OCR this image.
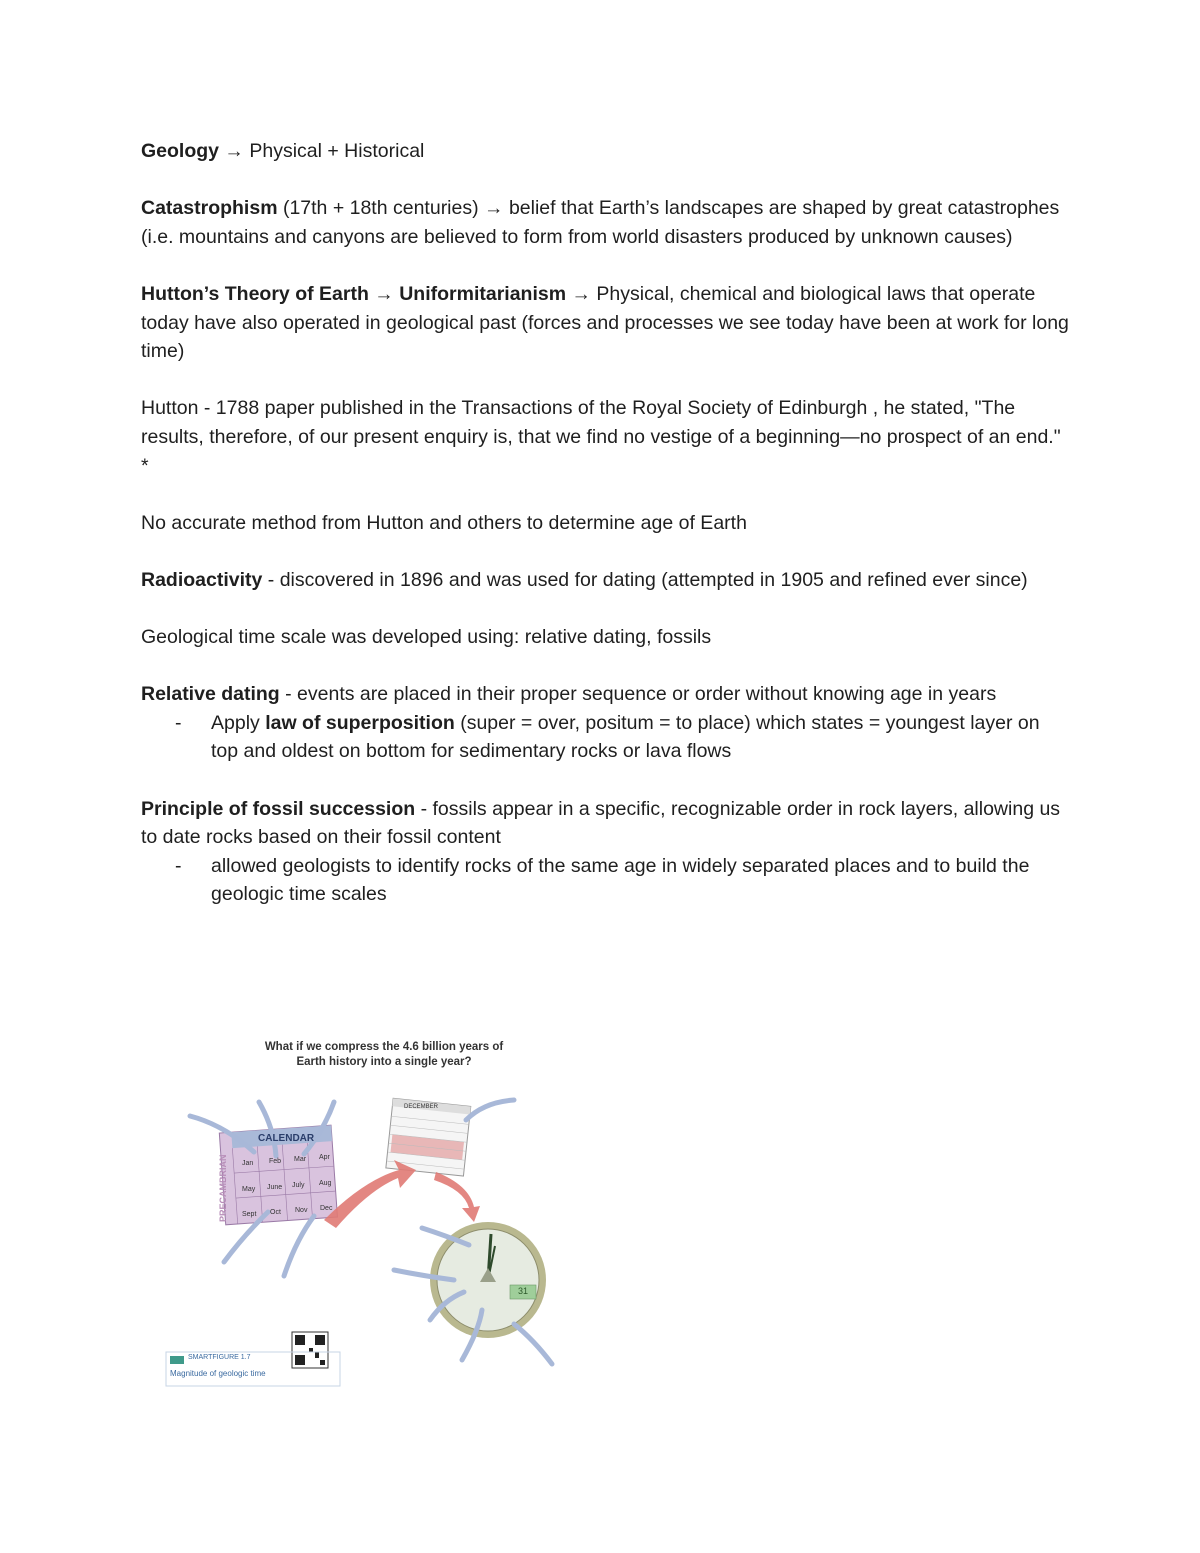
Geology → Physical + Historical

Catastrophism (17th + 18th centuries) → belief that Earth’s landscapes are shaped by great catastrophes (i.e. mountains and canyons are believed to form from world disasters produced by unknown causes)

Hutton’s Theory of Earth → Uniformitarianism → Physical, chemical and biological laws that operate today have also operated in geological past (forces and processes we see today have been at work for long time)

Hutton - 1788 paper published in the Transactions of the Royal Society of Edinburgh , he stated, "The results, therefore, of our present enquiry is, that we find no vestige of a beginning—no prospect of an end." *

No accurate method from Hutton and others to determine age of Earth

Radioactivity - discovered in 1896 and was used for dating (attempted in 1905 and refined ever since)

Geological time scale was developed using: relative dating, fossils

Relative dating - events are placed in their proper sequence or order without knowing age in years

- Apply law of superposition (super = over, positum = to place) which states = youngest layer on top and oldest on bottom for sedimentary rocks or lava flows

Principle of fossil succession - fossils appear in a specific, recognizable order in rock layers, allowing us to date rocks based on their fossil content

- allowed geologists to identify rocks of the same age in widely separated places and to build the geologic time scales
What if we compress the 4.6 billion years of
Earth history into a single year?
CALENDAR
PRECAMBRIAN Jan Feb Mar Apr
May June July Aug
Sept Oct Nov Dec
DECEMBER
31
SMARTFIGURE 1.7
Magnitude of geologic time
